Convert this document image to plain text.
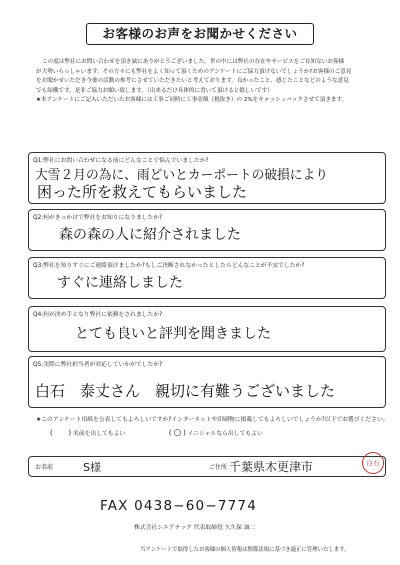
お客様のお声をお聞かせください
この度は弊社にお問い合わせを頂き誠にありがとうございました。世の中には弊社の存在やサービスをご存知ないお客様
が大勢いらっしゃいます。その方々にも弊社をよく知って頂くためのアンケートにご協力頂けないでしょうか?お客様のご意見
をお聞かせいただき今後の活動の参考にさせていただきたいと考えております。良かったこと、感じたことなどのような意見
でも結構です。是非ご協力お願い致します。（出来るだけ具体的に書いて頂けると嬉しいです）
★本アンケートにご記入いただいたお客様には工事ご同時に工事金額（税抜き）の 2%をキャッシュバックさせて頂きます。
Q1:弊社にお問い合わせになる前にどんなことで悩んでいましたか?
大雪２月の為に、雨どいとカーポートの破損により
困った所を救えてもらいました
Q2:何がきっかけで弊社をお知りになりましたか?
森の森の人に紹介されました
Q3:弊社を知りすぐにご連絡頂けましたか?もしご決断されなかったとしたらどんなことが不安でしたか?
すぐに連絡しました
Q4:何が決め手となり弊社に依頼をされましたか?
とても良いと評判を聞きました
Q5:実際に弊社担当者が対応していかがでしたか?
白石　泰丈さん　親切に有難うございました
★このアンケート用紙を公表してもよろしいですか?インターネットや印刷物に掲載してもよろしいでしょうか?以下でお選びください。
( ) 名前を出してもよい	( ○ ) イニシャルなら出してもよい
お名前	S様	ご住所 千葉県木更津市	白石
FAX 0438−60−7774
株式会社シエアテック 代表取締役 久久保 誠二
当アンケートで取得したお客様の個人情報は関係法規に基づき適正に管理いたします。
